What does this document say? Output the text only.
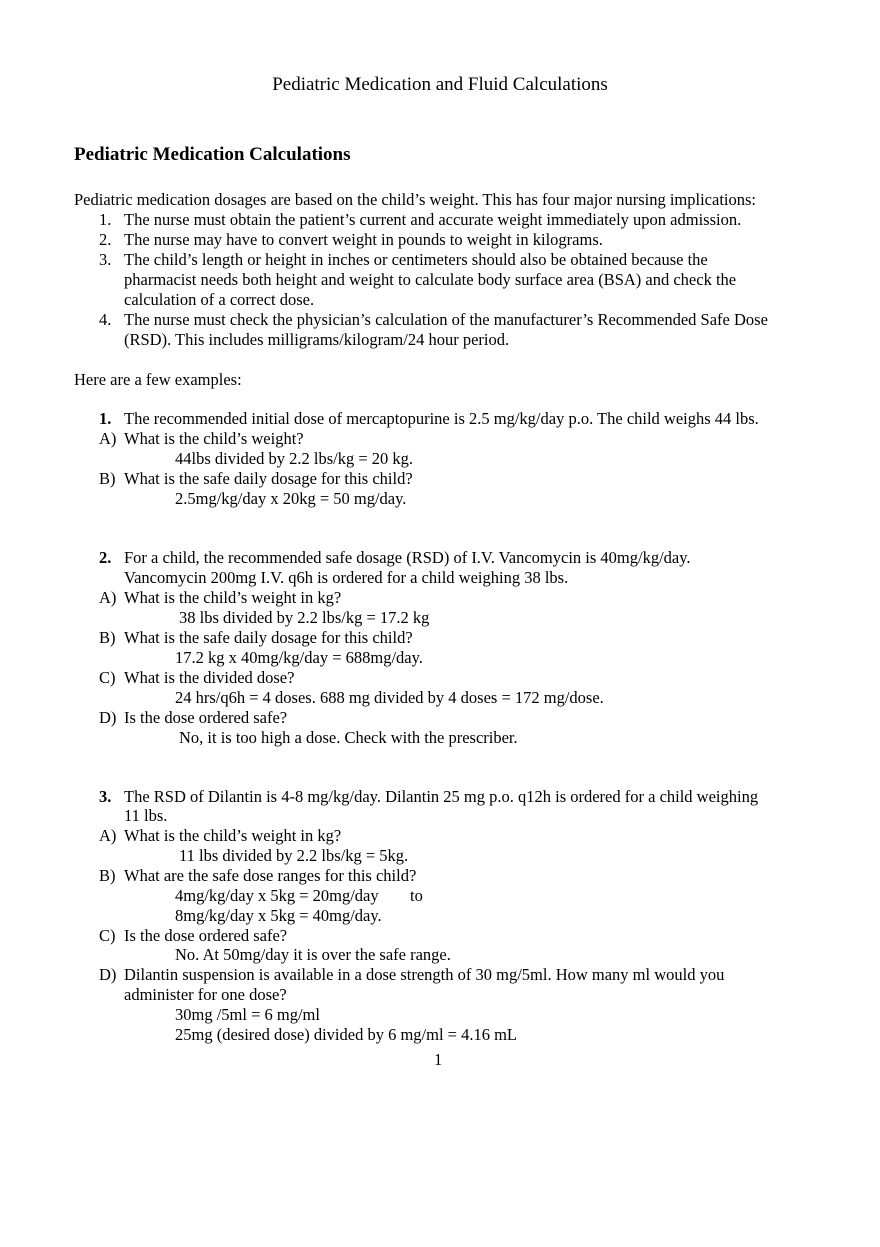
Pediatric Medication and Fluid Calculations
Pediatric Medication Calculations
Pediatric medication dosages are based on the child’s weight. This has four major nursing implications:
1. The nurse must obtain the patient’s current and accurate weight immediately upon admission.
2. The nurse may have to convert weight in pounds to weight in kilograms.
3. The child’s length or height in inches or centimeters should also be obtained because the
pharmacist needs both height and weight to calculate body surface area (BSA) and check the
calculation of a correct dose.
4. The nurse must check the physician’s calculation of the manufacturer’s Recommended Safe Dose
(RSD). This includes milligrams/kilogram/24 hour period.
Here are a few examples:
1. The recommended initial dose of mercaptopurine is 2.5 mg/kg/day p.o. The child weighs 44 lbs.
A) What is the child’s weight?
44lbs divided by 2.2 lbs/kg = 20 kg.
B) What is the safe daily dosage for this child?
2.5mg/kg/day x 20kg = 50 mg/day.
2. For a child, the recommended safe dosage (RSD) of I.V. Vancomycin is 40mg/kg/day.
Vancomycin 200mg I.V. q6h is ordered for a child weighing 38 lbs.
A) What is the child’s weight in kg?
38 lbs divided by 2.2 lbs/kg = 17.2 kg
B) What is the safe daily dosage for this child?
17.2 kg x 40mg/kg/day = 688mg/day.
C) What is the divided dose?
24 hrs/q6h = 4 doses. 688 mg divided by 4 doses = 172 mg/dose.
D) Is the dose ordered safe?
No, it is too high a dose. Check with the prescriber.
3. The RSD of Dilantin is 4-8 mg/kg/day. Dilantin 25 mg p.o. q12h is ordered for a child weighing
11 lbs.
A) What is the child’s weight in kg?
11 lbs divided by 2.2 lbs/kg = 5kg.
B) What are the safe dose ranges for this child?
4mg/kg/day x 5kg = 20mg/day to
8mg/kg/day x 5kg = 40mg/day.
C) Is the dose ordered safe?
No. At 50mg/day it is over the safe range.
D) Dilantin suspension is available in a dose strength of 30 mg/5ml. How many ml would you
administer for one dose?
30mg /5ml = 6 mg/ml
25mg (desired dose) divided by 6 mg/ml = 4.16 mL
1
